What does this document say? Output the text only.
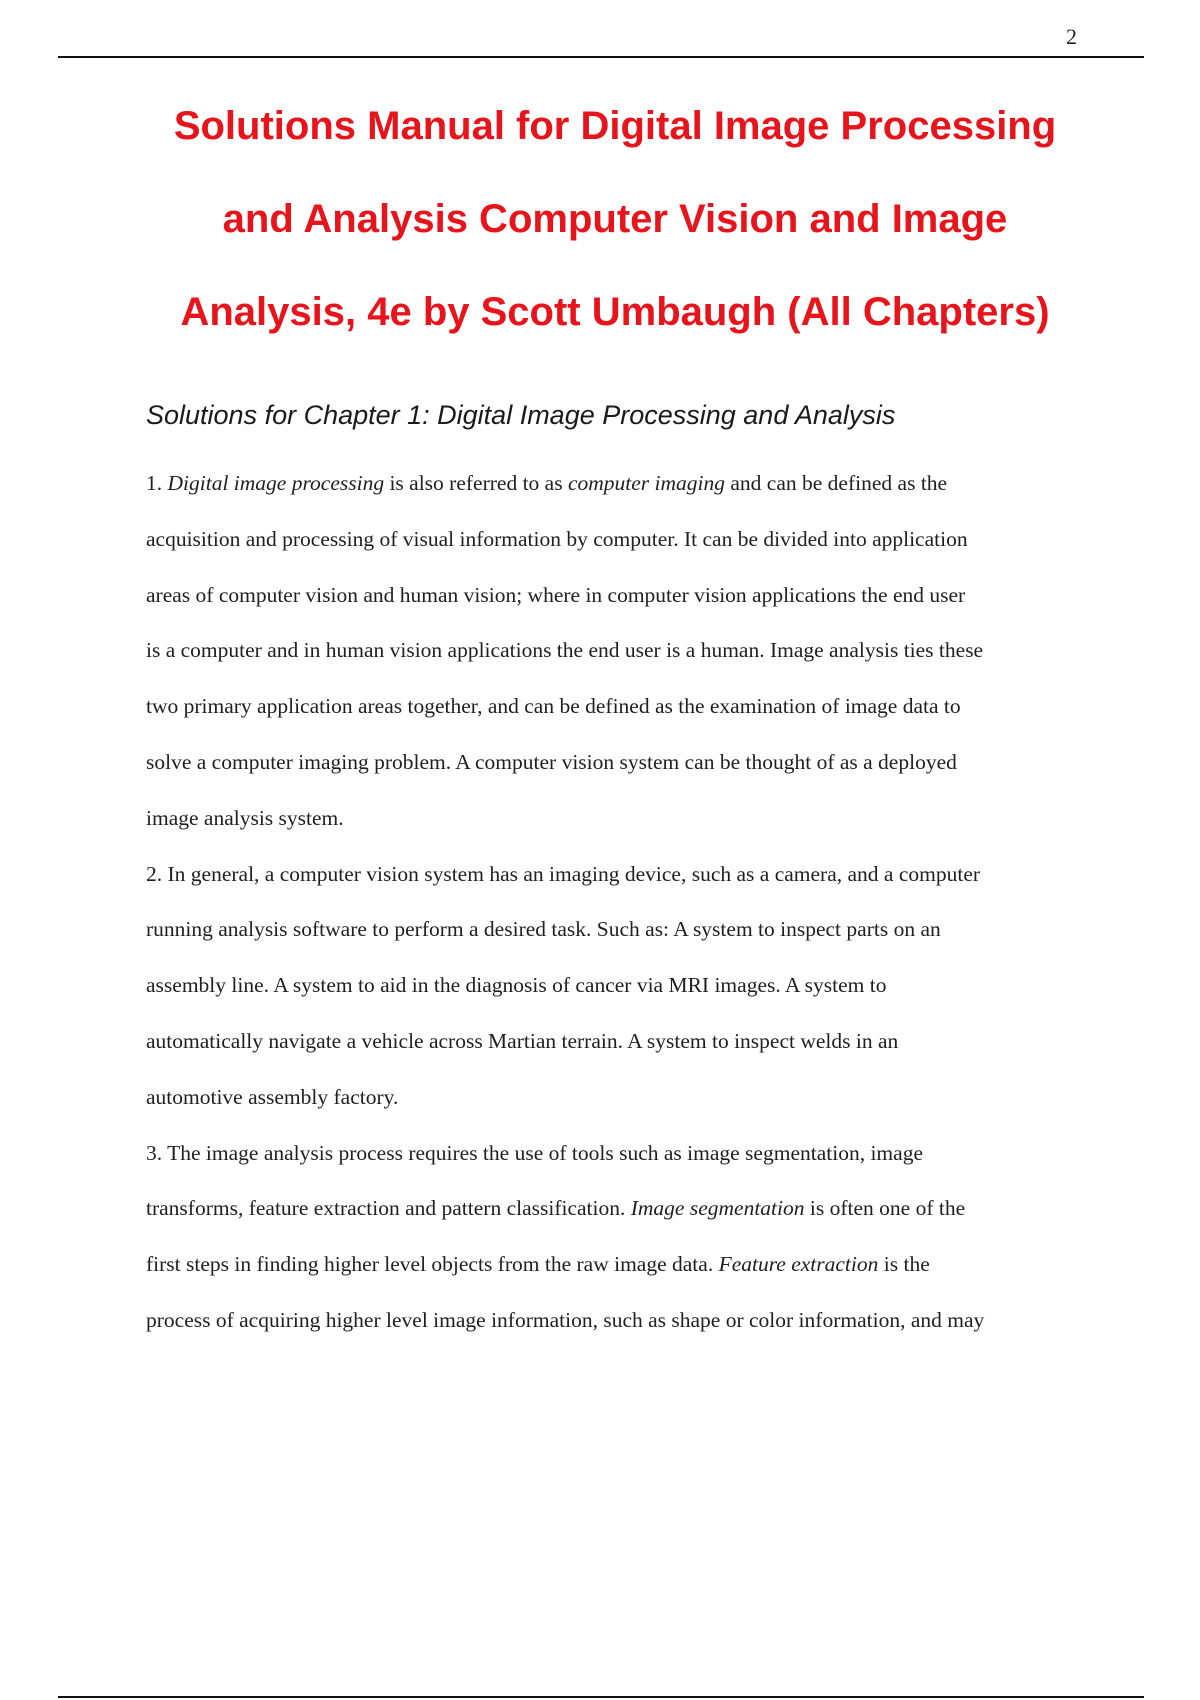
2
Solutions Manual for Digital Image Processing
and Analysis Computer Vision and Image
Analysis, 4e by Scott Umbaugh (All Chapters)
Solutions for Chapter 1: Digital Image Processing and Analysis

1. Digital image processing is also referred to as computer imaging and can be defined as the
acquisition and processing of visual information by computer. It can be divided into application
areas of computer vision and human vision; where in computer vision applications the end user
is a computer and in human vision applications the end user is a human. Image analysis ties these
two primary application areas together, and can be defined as the examination of image data to
solve a computer imaging problem. A computer vision system can be thought of as a deployed
image analysis system.

2. In general, a computer vision system has an imaging device, such as a camera, and a computer
running analysis software to perform a desired task. Such as: A system to inspect parts on an
assembly line. A system to aid in the diagnosis of cancer via MRI images. A system to
automatically navigate a vehicle across Martian terrain. A system to inspect welds in an
automotive assembly factory.

3. The image analysis process requires the use of tools such as image segmentation, image
transforms, feature extraction and pattern classification. Image segmentation is often one of the
first steps in finding higher level objects from the raw image data. Feature extraction is the
process of acquiring higher level image information, such as shape or color information, and may
